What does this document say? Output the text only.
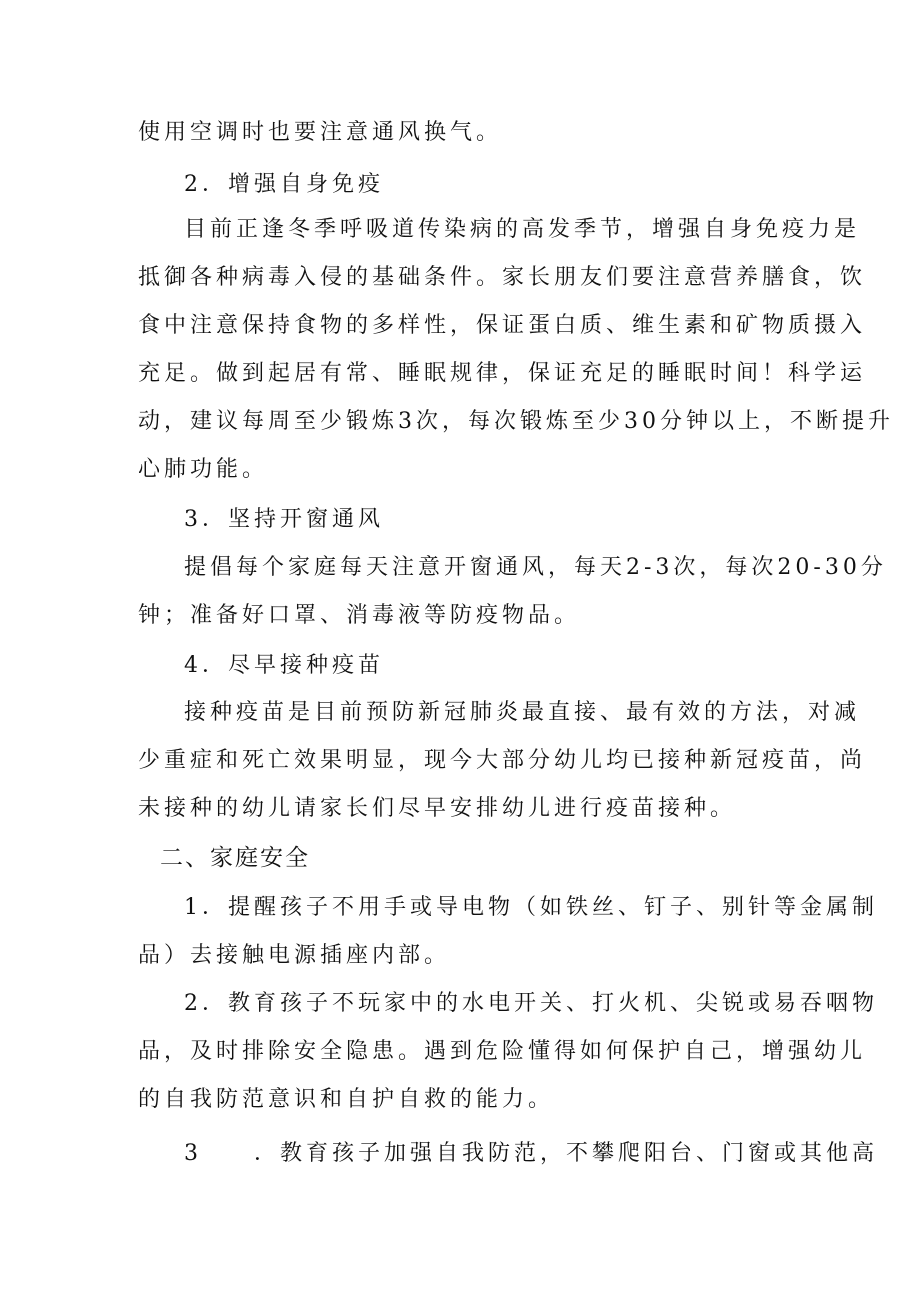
使用空调时也要注意通风换气。
2．增强自身免疫
目前正逢冬季呼吸道传染病的高发季节，增强自身免疫力是
抵御各种病毒入侵的基础条件。家长朋友们要注意营养膳食，饮
食中注意保持食物的多样性，保证蛋白质、维生素和矿物质摄入
充足。做到起居有常、睡眠规律，保证充足的睡眠时间！科学运
动，建议每周至少锻炼3次，每次锻炼至少30分钟以上，不断提升
心肺功能。
3．坚持开窗通风
提倡每个家庭每天注意开窗通风，每天2-3次，每次20-30分
钟；准备好口罩、消毒液等防疫物品。
4．尽早接种疫苗
接种疫苗是目前预防新冠肺炎最直接、最有效的方法，对减
少重症和死亡效果明显，现今大部分幼儿均已接种新冠疫苗，尚
未接种的幼儿请家长们尽早安排幼儿进行疫苗接种。
二、家庭安全
1．提醒孩子不用手或导电物（如铁丝、钉子、别针等金属制
品）去接触电源插座内部。
2．教育孩子不玩家中的水电开关、打火机、尖锐或易吞咽物
品，及时排除安全隐患。遇到危险懂得如何保护自己，增强幼儿
的自我防范意识和自护自救的能力。
3　　．教育孩子加强自我防范，不攀爬阳台、门窗或其他高
